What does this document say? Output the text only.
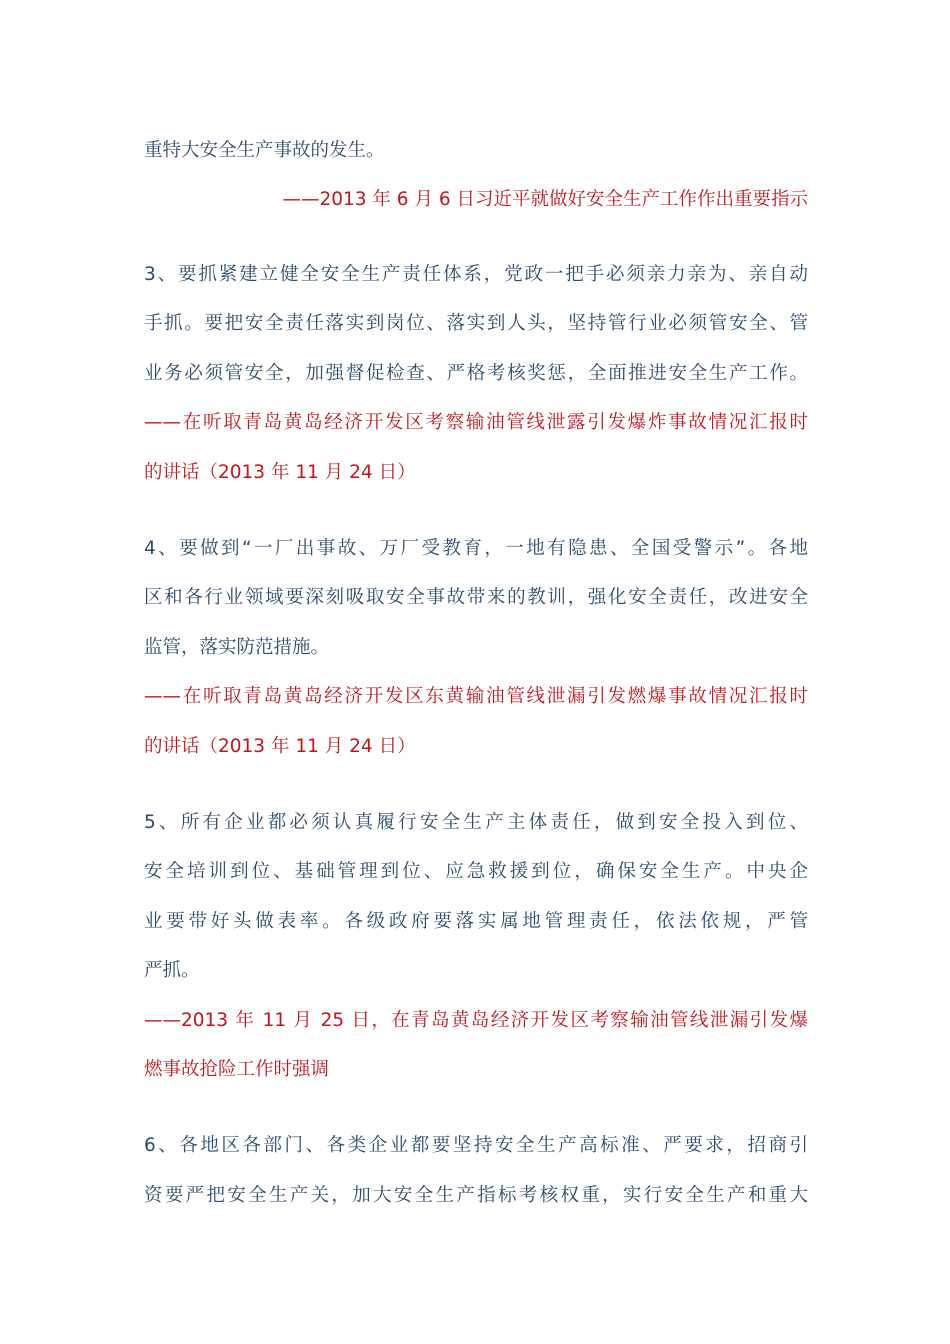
重特大安全生产事故的发生。
——2013 年 6 月 6 日习近平就做好安全生产工作作出重要指示
3、要抓紧建立健全安全生产责任体系，党政一把手必须亲力亲为、亲自动
手抓。要把安全责任落实到岗位、落实到人头，坚持管行业必须管安全、管
业务必须管安全，加强督促检查、严格考核奖惩，全面推进安全生产工作。
——在听取青岛黄岛经济开发区考察输油管线泄露引发爆炸事故情况汇报时
的讲话（2013 年 11 月 24 日）
4、要做到“一厂出事故、万厂受教育，一地有隐患、全国受警示”。各地
区和各行业领域要深刻吸取安全事故带来的教训，强化安全责任，改进安全
监管，落实防范措施。
——在听取青岛黄岛经济开发区东黄输油管线泄漏引发燃爆事故情况汇报时
的讲话（2013 年 11 月 24 日）
5、所有企业都必须认真履行安全生产主体责任，做到安全投入到位、
安全培训到位、基础管理到位、应急救援到位，确保安全生产。中央企
业要带好头做表率。各级政府要落实属地管理责任，依法依规，严管
严抓。
——2013 年 11 月 25 日，在青岛黄岛经济开发区考察输油管线泄漏引发爆
燃事故抢险工作时强调
6、各地区各部门、各类企业都要坚持安全生产高标准、严要求，招商引
资要严把安全生产关，加大安全生产指标考核权重，实行安全生产和重大
